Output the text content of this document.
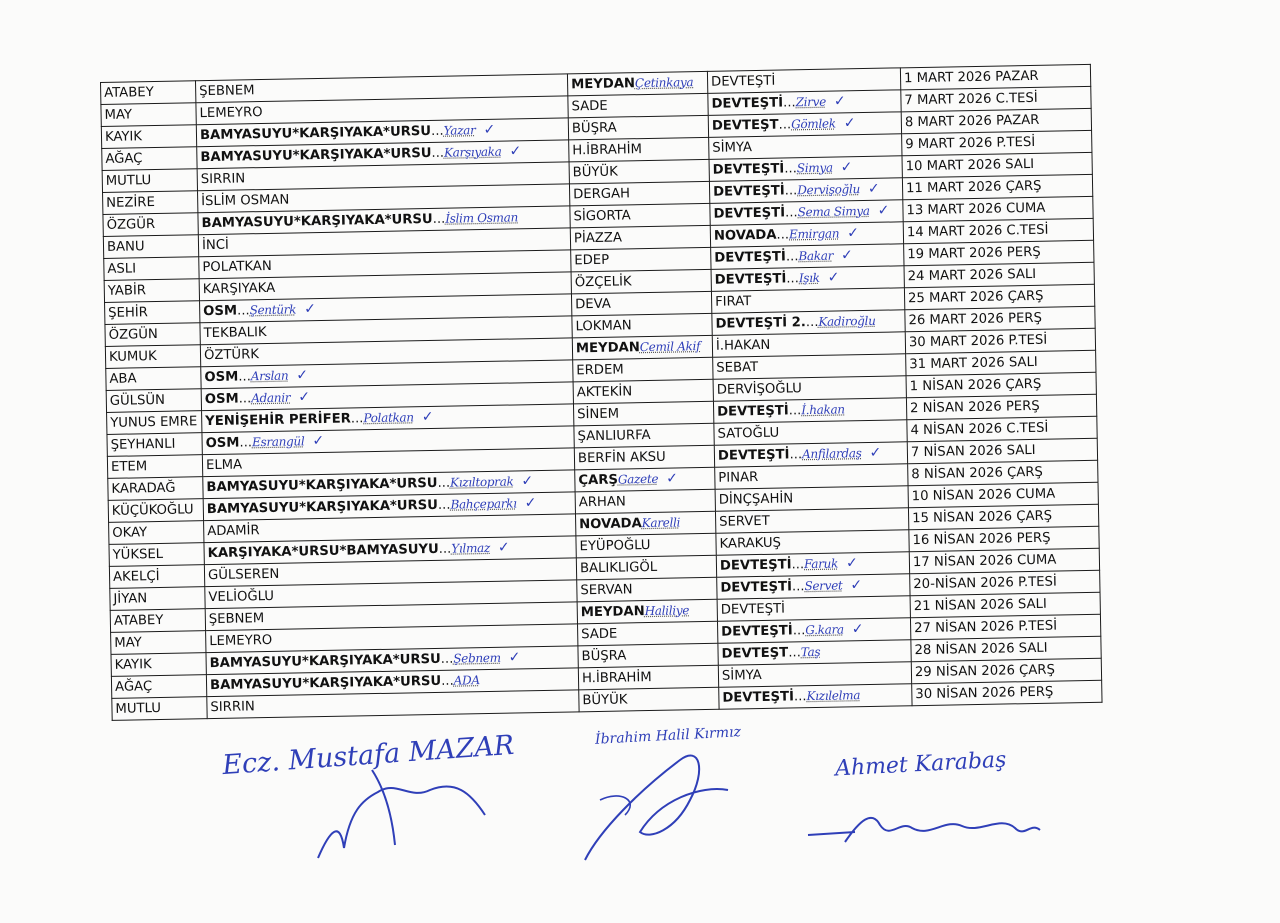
ATABEY	ŞEBNEM	MEYDANÇetinkaya	DEVTEŞTİ	1 MART 2026 PAZAR
MAY	LEMEYRO	SADE	DEVTEŞTİ...Zirve ✓	7 MART 2026 C.TESİ
KAYIK	BAMYASUYU*KARŞIYAKA*URSU...Yazar ✓	BÜŞRA	DEVTEŞT...Gömlek ✓	8 MART 2026 PAZAR
AĞAÇ	BAMYASUYU*KARŞIYAKA*URSU...Karşıyaka ✓	H.İBRAHİM	SİMYA	9 MART 2026 P.TESİ
MUTLU	SIRRIN	BÜYÜK	DEVTEŞTİ...Simya ✓	10 MART 2026 SALI
NEZİRE	İSLİM OSMAN	DERGAH	DEVTEŞTİ...Dervişoğlu ✓	11 MART 2026 ÇARŞ
ÖZGÜR	BAMYASUYU*KARŞIYAKA*URSU...İslim Osman	SİGORTA	DEVTEŞTİ...Sema Simya ✓	13 MART 2026 CUMA
BANU	İNCİ	PİAZZA	NOVADA...Emirgan ✓	14 MART 2026 C.TESİ
ASLI	POLATKAN	EDEP	DEVTEŞTİ...Bakar ✓	19 MART 2026 PERŞ
YABİR	KARŞIYAKA	ÖZÇELİK	DEVTEŞTİ...Işık ✓	24 MART 2026 SALI
ŞEHİR	OSM...Şentürk ✓	DEVA	FIRAT	25 MART 2026 ÇARŞ
ÖZGÜN	TEKBALIK	LOKMAN	DEVTEŞTİ 2....Kadiroğlu	26 MART 2026 PERŞ
KUMUK	ÖZTÜRK	MEYDANCemil Akif	İ.HAKAN	30 MART 2026 P.TESİ
ABA	OSM...Arslan ✓	ERDEM	SEBAT	31 MART 2026 SALI
GÜLSÜN	OSM...Adanir ✓	AKTEKİN	DERVİŞOĞLU	1 NİSAN 2026 ÇARŞ
YUNUS EMRE	YENİŞEHİR PERİFER...Polatkan ✓	SİNEM	DEVTEŞTİ...İ.hakan	2 NİSAN 2026 PERŞ
ŞEYHANLI	OSM...Esrangül ✓	ŞANLIURFA	SATOĞLU	4 NİSAN 2026 C.TESİ
ETEM	ELMA	BERFİN AKSU	DEVTEŞTİ...Anfilardaş ✓	7 NİSAN 2026 SALI
KARADAĞ	BAMYASUYU*KARŞIYAKA*URSU...Kızıltoprak ✓	ÇARŞGazete ✓	PINAR	8 NİSAN 2026 ÇARŞ
KÜÇÜKOĞLU	BAMYASUYU*KARŞIYAKA*URSU...Bahçeparkı ✓	ARHAN	DİNÇŞAHİN	10 NİSAN 2026 CUMA
OKAY	ADAMİR	NOVADAKarelli	SERVET	15 NİSAN 2026 ÇARŞ
YÜKSEL	KARŞIYAKA*URSU*BAMYASUYU...Yılmaz ✓	EYÜPOĞLU	KARAKUŞ	16 NİSAN 2026 PERŞ
AKELÇİ	GÜLSEREN	BALIKLIGÖL	DEVTEŞTİ...Faruk ✓	17 NİSAN 2026 CUMA
JİYAN	VELİOĞLU	SERVAN	DEVTEŞTİ...Servet ✓	20-NİSAN 2026 P.TESİ
ATABEY	ŞEBNEM	MEYDANHaliliye	DEVTEŞTİ	21 NİSAN 2026 SALI
MAY	LEMEYRO	SADE	DEVTEŞTİ...G.kara ✓	27 NİSAN 2026 P.TESİ
KAYIK	BAMYASUYU*KARŞIYAKA*URSU...Şebnem ✓	BÜŞRA	DEVTEŞT...Taş	28 NİSAN 2026 SALI
AĞAÇ	BAMYASUYU*KARŞIYAKA*URSU...ADA	H.İBRAHİM	SİMYA	29 NİSAN 2026 ÇARŞ
MUTLU	SIRRIN	BÜYÜK	DEVTEŞTİ...Kızılelma	30 NİSAN 2026 PERŞ
Ecz. Mustafa MAZAR	İbrahim Halil Kırmız
Ahmet Karabaş
